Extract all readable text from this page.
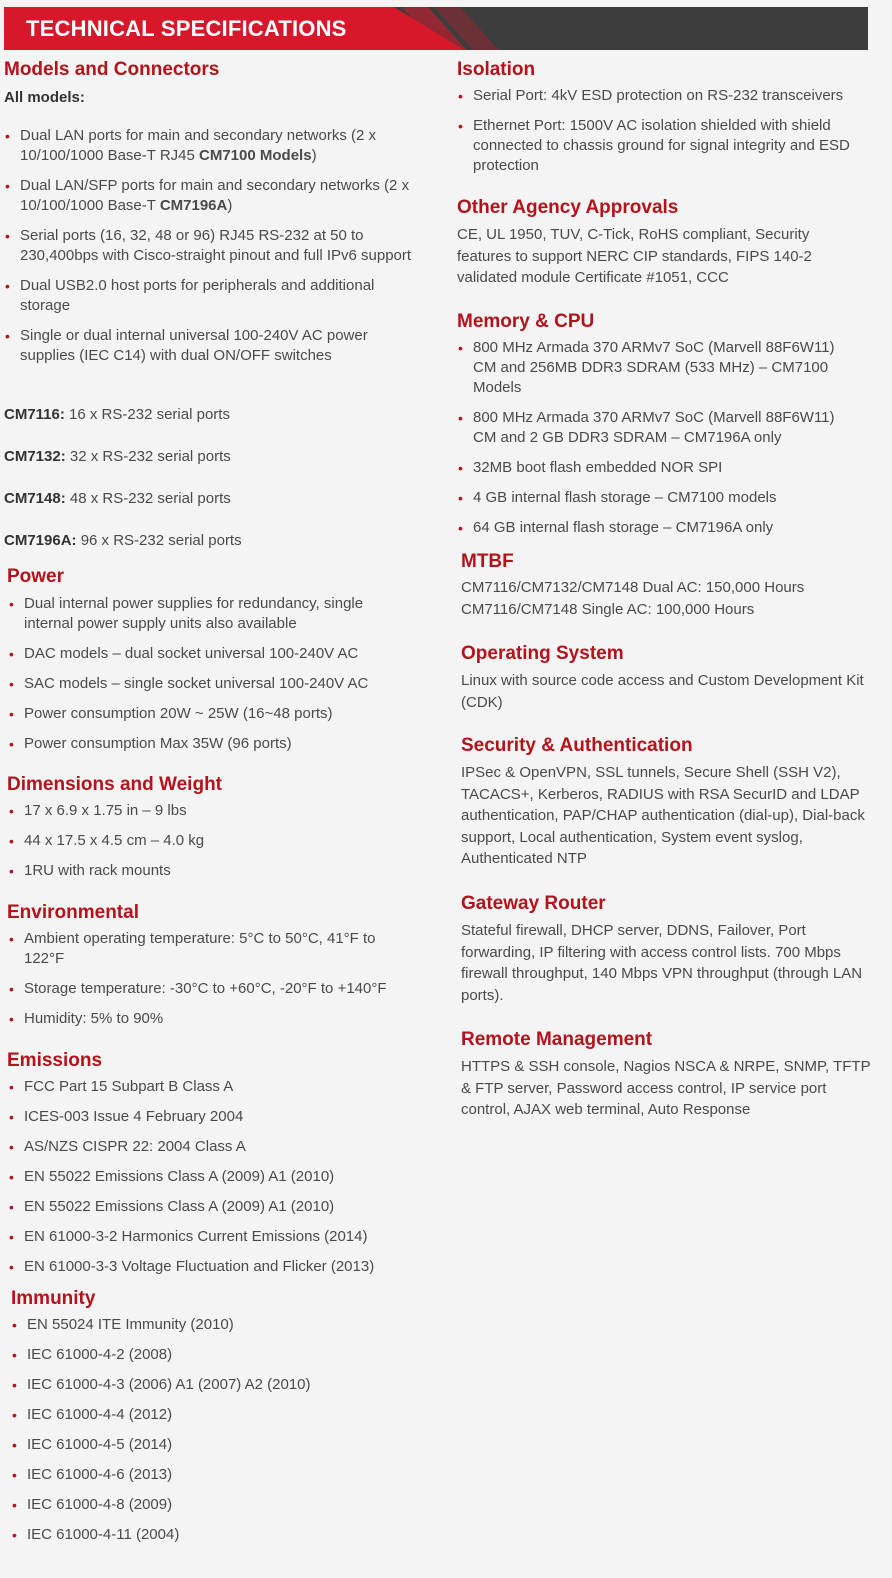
TECHNICAL SPECIFICATIONS
Models and Connectors
All models:
• Dual LAN ports for main and secondary networks (2 x 10/100/1000 Base-T RJ45 CM7100 Models)
• Dual LAN/SFP ports for main and secondary networks (2 x 10/100/1000 Base-T CM7196A)
• Serial ports (16, 32, 48 or 96) RJ45 RS-232 at 50 to 230,400bps with Cisco-straight pinout and full IPv6 support
• Dual USB2.0 host ports for peripherals and additional storage
• Single or dual internal universal 100-240V AC power supplies (IEC C14) with dual ON/OFF switches
CM7116: 16 x RS-232 serial ports
CM7132: 32 x RS-232 serial ports
CM7148: 48 x RS-232 serial ports
CM7196A: 96 x RS-232 serial ports
Power
• Dual internal power supplies for redundancy, single internal power supply units also available
• DAC models – dual socket universal 100-240V AC
• SAC models – single socket universal 100-240V AC
• Power consumption 20W ~ 25W (16~48 ports)
• Power consumption Max 35W (96 ports)
Dimensions and Weight
• 17 x 6.9 x 1.75 in – 9 lbs
• 44 x 17.5 x 4.5 cm – 4.0 kg
• 1RU with rack mounts
Environmental
• Ambient operating temperature: 5°C to 50°C, 41°F to 122°F
• Storage temperature: -30°C to +60°C, -20°F to +140°F
• Humidity: 5% to 90%
Emissions
• FCC Part 15 Subpart B Class A
• ICES-003 Issue 4 February 2004
• AS/NZS CISPR 22: 2004 Class A
• EN 55022 Emissions Class A (2009) A1 (2010)
• EN 55022 Emissions Class A (2009) A1 (2010)
• EN 61000-3-2 Harmonics Current Emissions (2014)
• EN 61000-3-3 Voltage Fluctuation and Flicker (2013)
Immunity
• EN 55024 ITE Immunity (2010)
• IEC 61000-4-2 (2008)
• IEC 61000-4-3 (2006) A1 (2007) A2 (2010)
• IEC 61000-4-4 (2012)
• IEC 61000-4-5 (2014)
• IEC 61000-4-6 (2013)
• IEC 61000-4-8 (2009)
• IEC 61000-4-11 (2004)
Isolation
• Serial Port: 4kV ESD protection on RS-232 transceivers
• Ethernet Port: 1500V AC isolation shielded with shield connected to chassis ground for signal integrity and ESD protection
Other Agency Approvals
CE, UL 1950, TUV, C-Tick, RoHS compliant, Security features to support NERC CIP standards, FIPS 140-2 validated module Certificate #1051, CCC
Memory & CPU
• 800 MHz Armada 370 ARMv7 SoC (Marvell 88F6W11) CM and 256MB DDR3 SDRAM (533 MHz) – CM7100 Models
• 800 MHz Armada 370 ARMv7 SoC (Marvell 88F6W11) CM and 2 GB DDR3 SDRAM – CM7196A only
• 32MB boot flash embedded NOR SPI
• 4 GB internal flash storage – CM7100 models
• 64 GB internal flash storage – CM7196A only
MTBF
CM7116/CM7132/CM7148 Dual AC: 150,000 Hours
CM7116/CM7148 Single AC: 100,000 Hours
Operating System
Linux with source code access and Custom Development Kit (CDK)
Security & Authentication
IPSec & OpenVPN, SSL tunnels, Secure Shell (SSH V2), TACACS+, Kerberos, RADIUS with RSA SecurID and LDAP authentication, PAP/CHAP authentication (dial-up), Dial-back support, Local authentication, System event syslog, Authenticated NTP
Gateway Router
Stateful firewall, DHCP server, DDNS, Failover, Port forwarding, IP filtering with access control lists. 700 Mbps firewall throughput, 140 Mbps VPN throughput (through LAN ports).
Remote Management
HTTPS & SSH console, Nagios NSCA & NRPE, SNMP, TFTP & FTP server, Password access control, IP service port control, AJAX web terminal, Auto Response
